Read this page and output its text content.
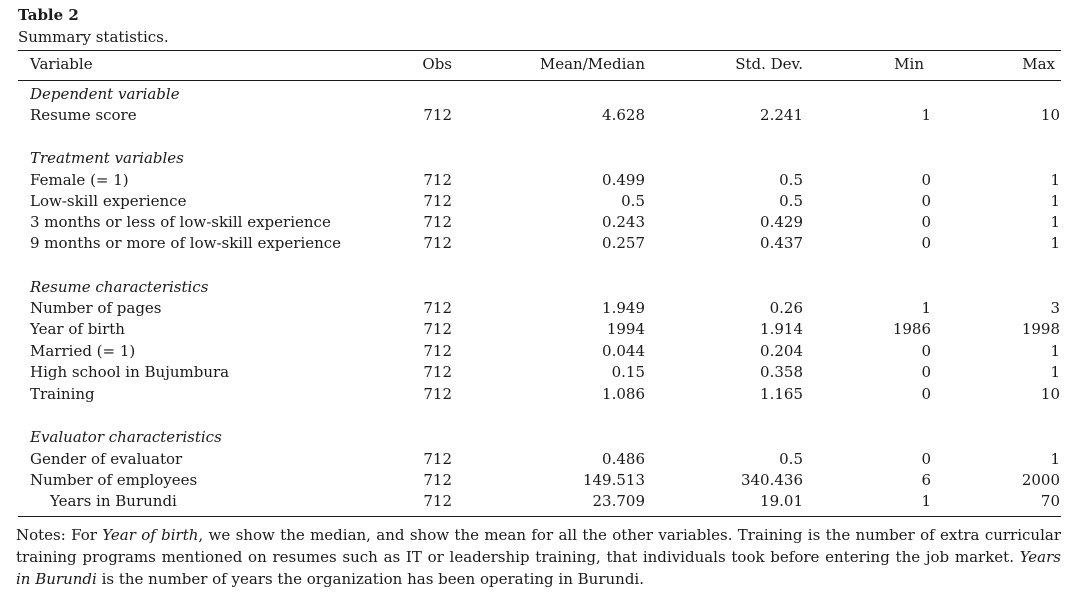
Table 2
Summary statistics.
Variable	Obs	Mean/Median	Std. Dev.	Min	Max
Dependent variable
Resume score	712	4.628	2.241	1	10
Treatment variables
Female (= 1)	712	0.499	0.5	0	1
Low-skill experience	712	0.5	0.5	0	1
3 months or less of low-skill experience	712	0.243	0.429	0	1
9 months or more of low-skill experience	712	0.257	0.437	0	1
Resume characteristics
Number of pages	712	1.949	0.26	1	3
Year of birth	712	1994	1.914	1986	1998
Married (= 1)	712	0.044	0.204	0	1
High school in Bujumbura	712	0.15	0.358	0	1
Training	712	1.086	1.165	0	10
Evaluator characteristics
Gender of evaluator	712	0.486	0.5	0	1
Number of employees	712	149.513	340.436	6	2000
Years in Burundi	712	23.709	19.01	1	70
Notes: For Year of birth, we show the median, and show the mean for all the other variables. Training is the number of extra curricular training programs mentioned on resumes such as IT or leadership training, that individuals took before entering the job market. Years in Burundi is the number of years the organization has been operating in Burundi.
